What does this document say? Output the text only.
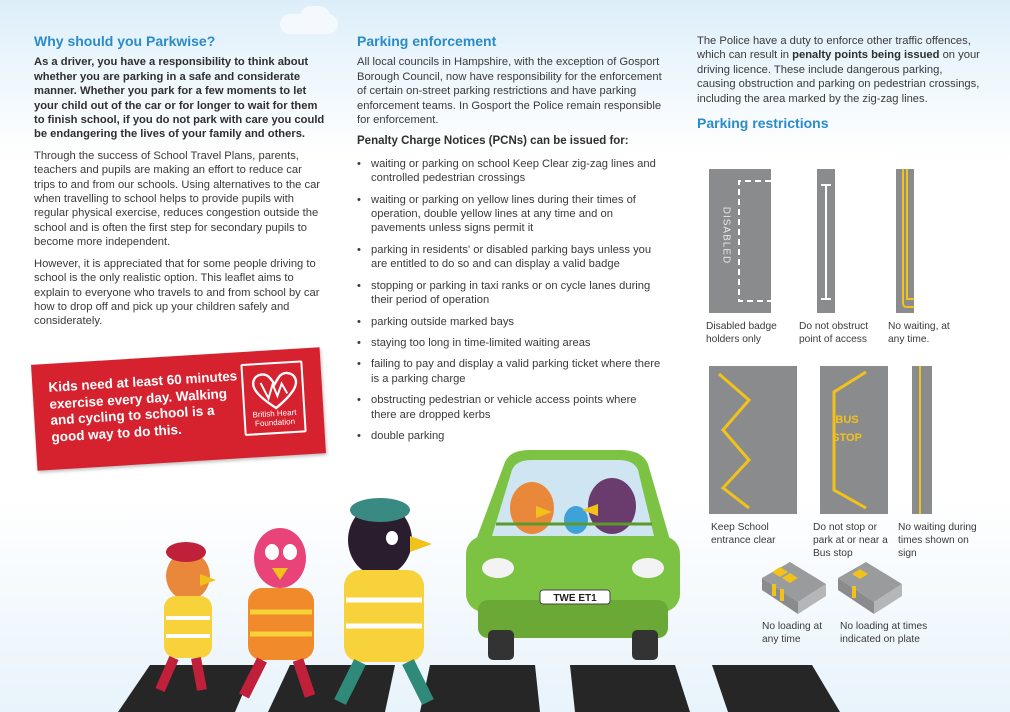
Why should you Parkwise?

As a driver, you have a responsibility to think about whether you are parking in a safe and considerate manner. Whether you park for a few moments to let your child out of the car or for longer to wait for them to finish school, if you do not park with care you could be endangering the lives of your family and others.

Through the success of School Travel Plans, parents, teachers and pupils are making an effort to reduce car trips to and from our schools. Using alternatives to the car when travelling to school helps to provide pupils with regular physical exercise, reduces congestion outside the school and is often the first step for secondary pupils to become more independent.

However, it is appreciated that for some people driving to school is the only realistic option. This leaflet aims to explain to everyone who travels to and from school by car how to drop off and pick up your children safely and considerately.

Kids need at least 60 minutes exercise every day. Walking and cycling to school is a good way to do this.
British Heart
Foundation
Parking enforcement

All local councils in Hampshire, with the exception of Gosport Borough Council, now have responsibility for the enforcement of certain on-street parking restrictions and have parking enforcement teams. In Gosport the Police remain responsible for enforcement.

Penalty Charge Notices (PCNs) can be issued for:
• waiting or parking on school Keep Clear zig-zag lines and controlled pedestrian crossings
• waiting or parking on yellow lines during their times of operation, double yellow lines at any time and on pavements unless signs permit it
• parking in residents' or disabled parking bays unless you are entitled to do so and can display a valid badge
• stopping or parking in taxi ranks or on cycle lanes during their period of operation
• parking outside marked bays
• staying too long in time-limited waiting areas
• failing to pay and display a valid parking ticket where there is a parking charge
• obstructing pedestrian or vehicle access points where there are dropped kerbs
• double parking

The Police have a duty to enforce other traffic offences, which can result in penalty points being issued on your driving licence. These include dangerous parking, causing obstruction and parking on pedestrian crossings, including the area marked by the zig-zag lines.

Parking restrictions
DISABLED
Disabled badge holders only
Do not obstruct point of access
No waiting, at any time.
Keep School entrance clear
BUS
STOP
Do not stop or park at or near a Bus stop
No waiting during times shown on sign
No loading at any time
No loading at times indicated on plate
TWE ET1
